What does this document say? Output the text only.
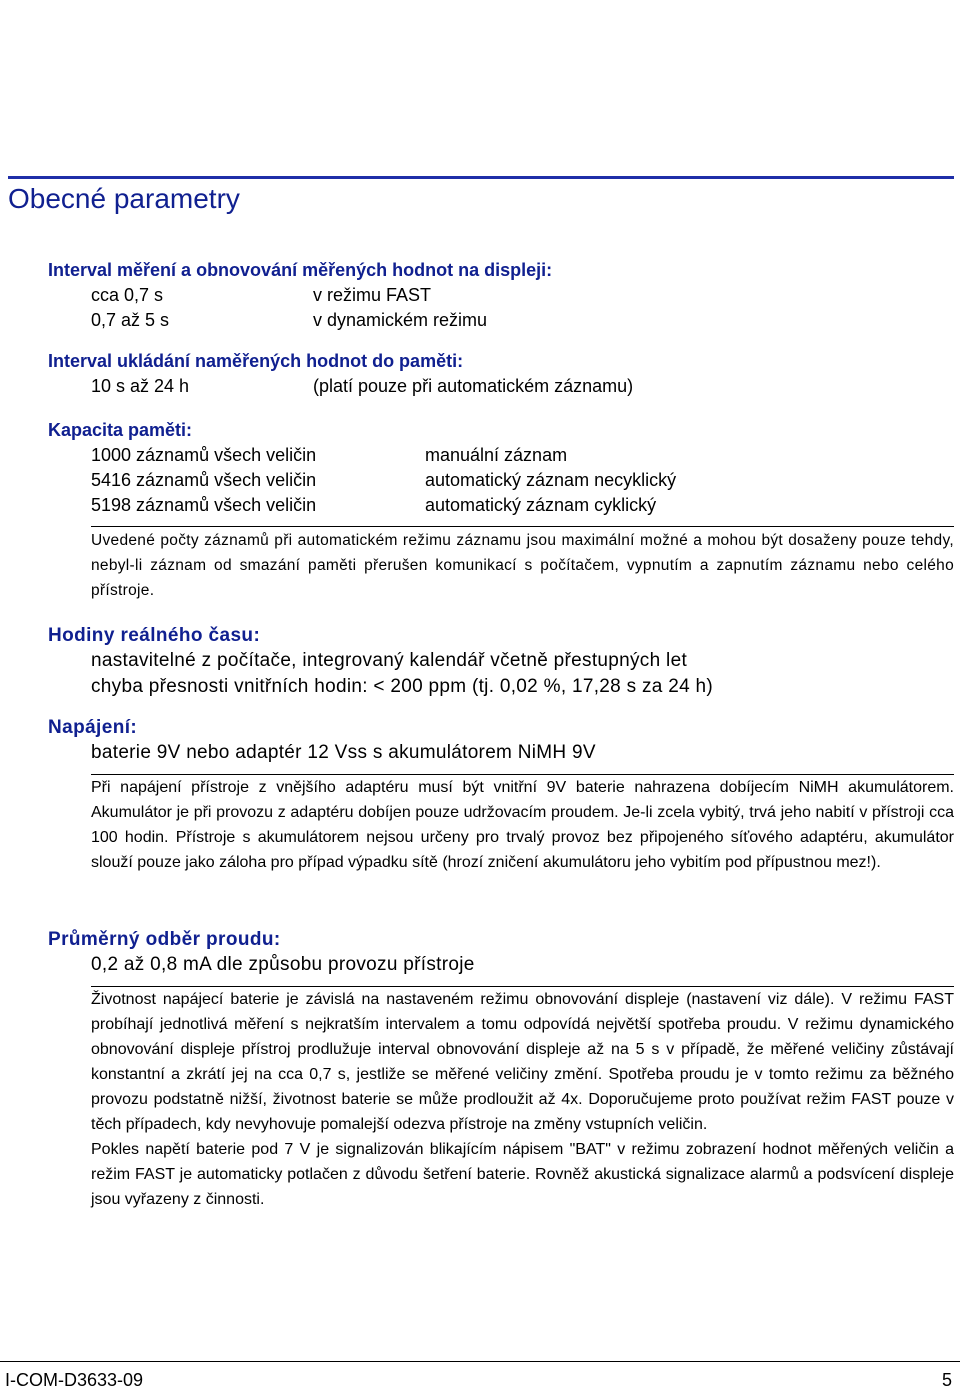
Obecné parametry
Interval měření a obnovování měřených hodnot na displeji:
cca 0,7 s	v režimu FAST
0,7 až 5 s	v dynamickém režimu
Interval ukládání naměřených hodnot do paměti:
10 s až 24 h	(platí pouze při automatickém záznamu)
Kapacita paměti:
1000 záznamů všech veličin	manuální záznam
5416 záznamů všech veličin	automatický záznam necyklický
5198 záznamů všech veličin	automatický záznam cyklický

Uvedené počty záznamů při automatickém režimu záznamu jsou maximální možné a mohou být dosaženy pouze tehdy, nebyl-li záznam od smazání paměti přerušen komunikací s počítačem, vypnutím a zapnutím záznamu nebo celého přístroje.

Hodiny reálného času:
nastavitelné z počítače, integrovaný kalendář včetně přestupných let
chyba přesnosti vnitřních hodin: < 200 ppm (tj. 0,02 %, 17,28 s za 24 h)
Napájení:
baterie 9V nebo adaptér 12 Vss s akumulátorem NiMH 9V

Při napájení přístroje z vnějšího adaptéru musí být vnitřní 9V baterie nahrazena dobíjecím NiMH akumulátorem. Akumulátor je při provozu z adaptéru dobíjen pouze udržovacím proudem. Je-li zcela vybitý, trvá jeho nabití v přístroji cca 100 hodin. Přístroje s akumulátorem nejsou určeny pro trvalý provoz bez připojeného síťového adaptéru, akumulátor slouží pouze jako záloha pro případ výpadku sítě (hrozí zničení akumulátoru jeho vybitím pod přípustnou mez!).

Průměrný odběr proudu:
0,2 až 0,8 mA dle způsobu provozu přístroje

Životnost napájecí baterie je závislá na nastaveném režimu obnovování displeje (nastavení viz dále). V režimu FAST probíhají jednotlivá měření s nejkratším intervalem a tomu odpovídá největší spotřeba proudu. V režimu dynamického obnovování displeje přístroj prodlužuje interval obnovování displeje až na 5 s v případě, že měřené veličiny zůstávají konstantní a zkrátí jej na cca 0,7 s, jestliže se měřené veličiny změní. Spotřeba proudu je v tomto režimu za běžného provozu podstatně nižší, životnost baterie se může prodloužit až 4x. Doporučujeme proto používat režim FAST pouze v těch případech, kdy nevyhovuje pomalejší odezva přístroje na změny vstupních veličin.

Pokles napětí baterie pod 7 V je signalizován blikajícím nápisem "BAT" v režimu zobrazení hodnot měřených veličin a režim FAST je automaticky potlačen z důvodu šetření baterie. Rovněž akustická signalizace alarmů a podsvícení displeje jsou vyřazeny z činnosti.

I-COM-D3633-09	5
